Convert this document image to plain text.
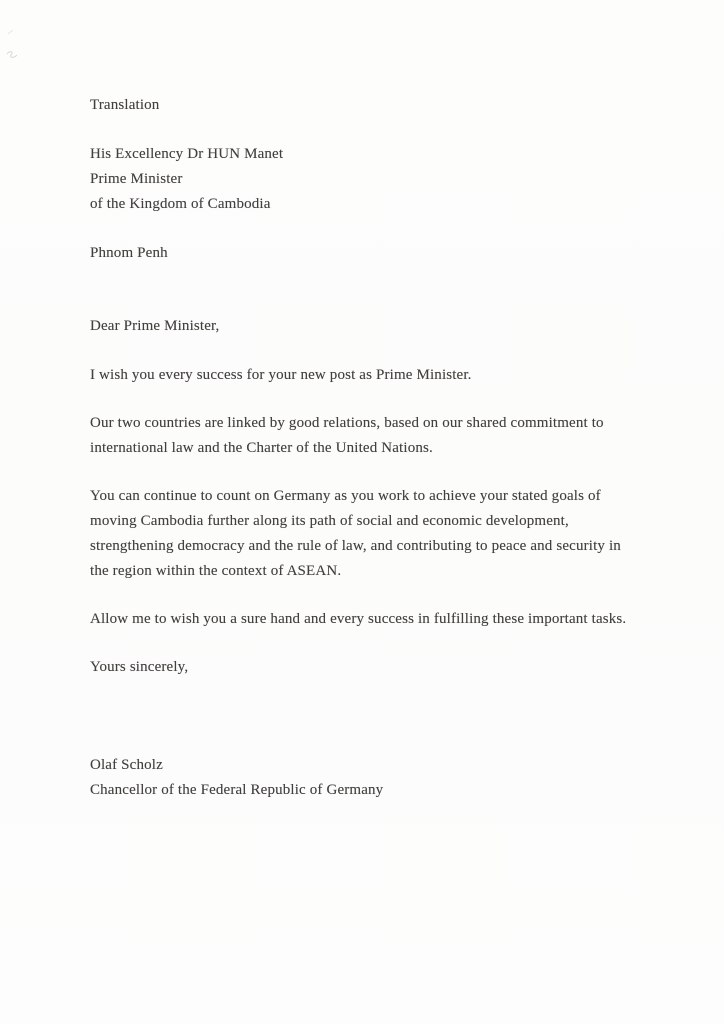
Translation
His Excellency Dr HUN Manet
Prime Minister
of the Kingdom of Cambodia
Phnom Penh
Dear Prime Minister,
I wish you every success for your new post as Prime Minister.
Our two countries are linked by good relations, based on our shared commitment to
international law and the Charter of the United Nations.
You can continue to count on Germany as you work to achieve your stated goals of
moving Cambodia further along its path of social and economic development,
strengthening democracy and the rule of law, and contributing to peace and security in
the region within the context of ASEAN.
Allow me to wish you a sure hand and every success in fulfilling these important tasks.
Yours sincerely,
Olaf Scholz
Chancellor of the Federal Republic of Germany
